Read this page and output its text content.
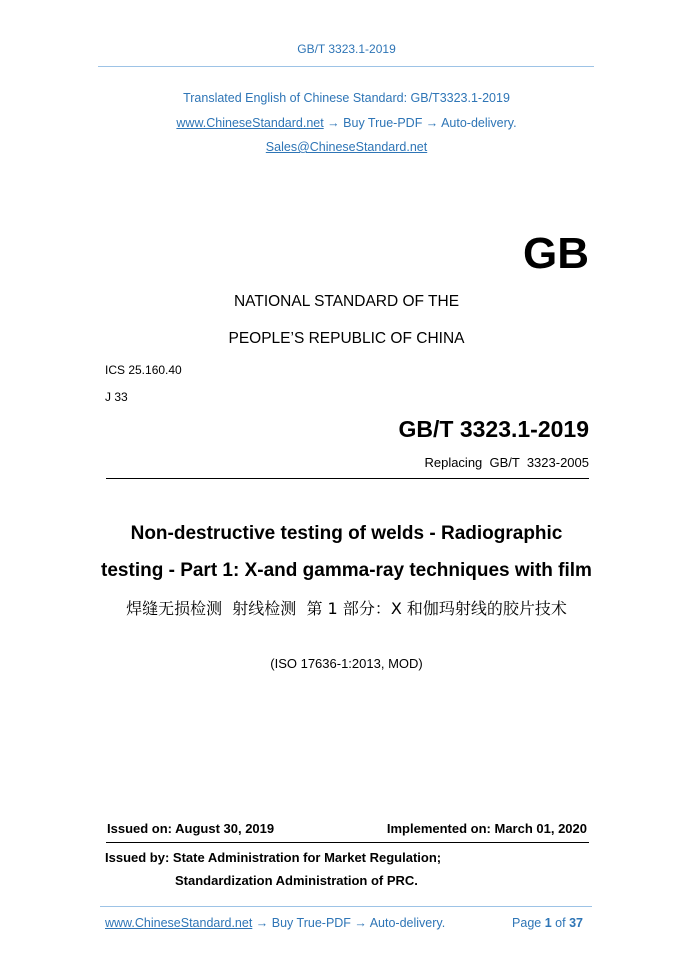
GB/T 3323.1-2019
Translated English of Chinese Standard: GB/T3323.1-2019
www.ChineseStandard.net → Buy True-PDF → Auto-delivery.
Sales@ChineseStandard.net
GB
NATIONAL STANDARD OF THE
PEOPLE’S REPUBLIC OF CHINA
ICS 25.160.40
J 33
GB/T 3323.1-2019
Replacing  GB/T  3323-2005
Non-destructive testing of welds - Radiographic
testing - Part 1: X-and gamma-ray techniques with film
焊缝无损检测  射线检测  第 1 部分：X 和伽玛射线的胶片技术
(ISO 17636-1:2013, MOD)
Issued on: August 30, 2019	Implemented on: March 01, 2020
Issued by: State Administration for Market Regulation;
Standardization Administration of PRC.
www.ChineseStandard.net → Buy True-PDF → Auto-delivery.	Page 1 of 37
